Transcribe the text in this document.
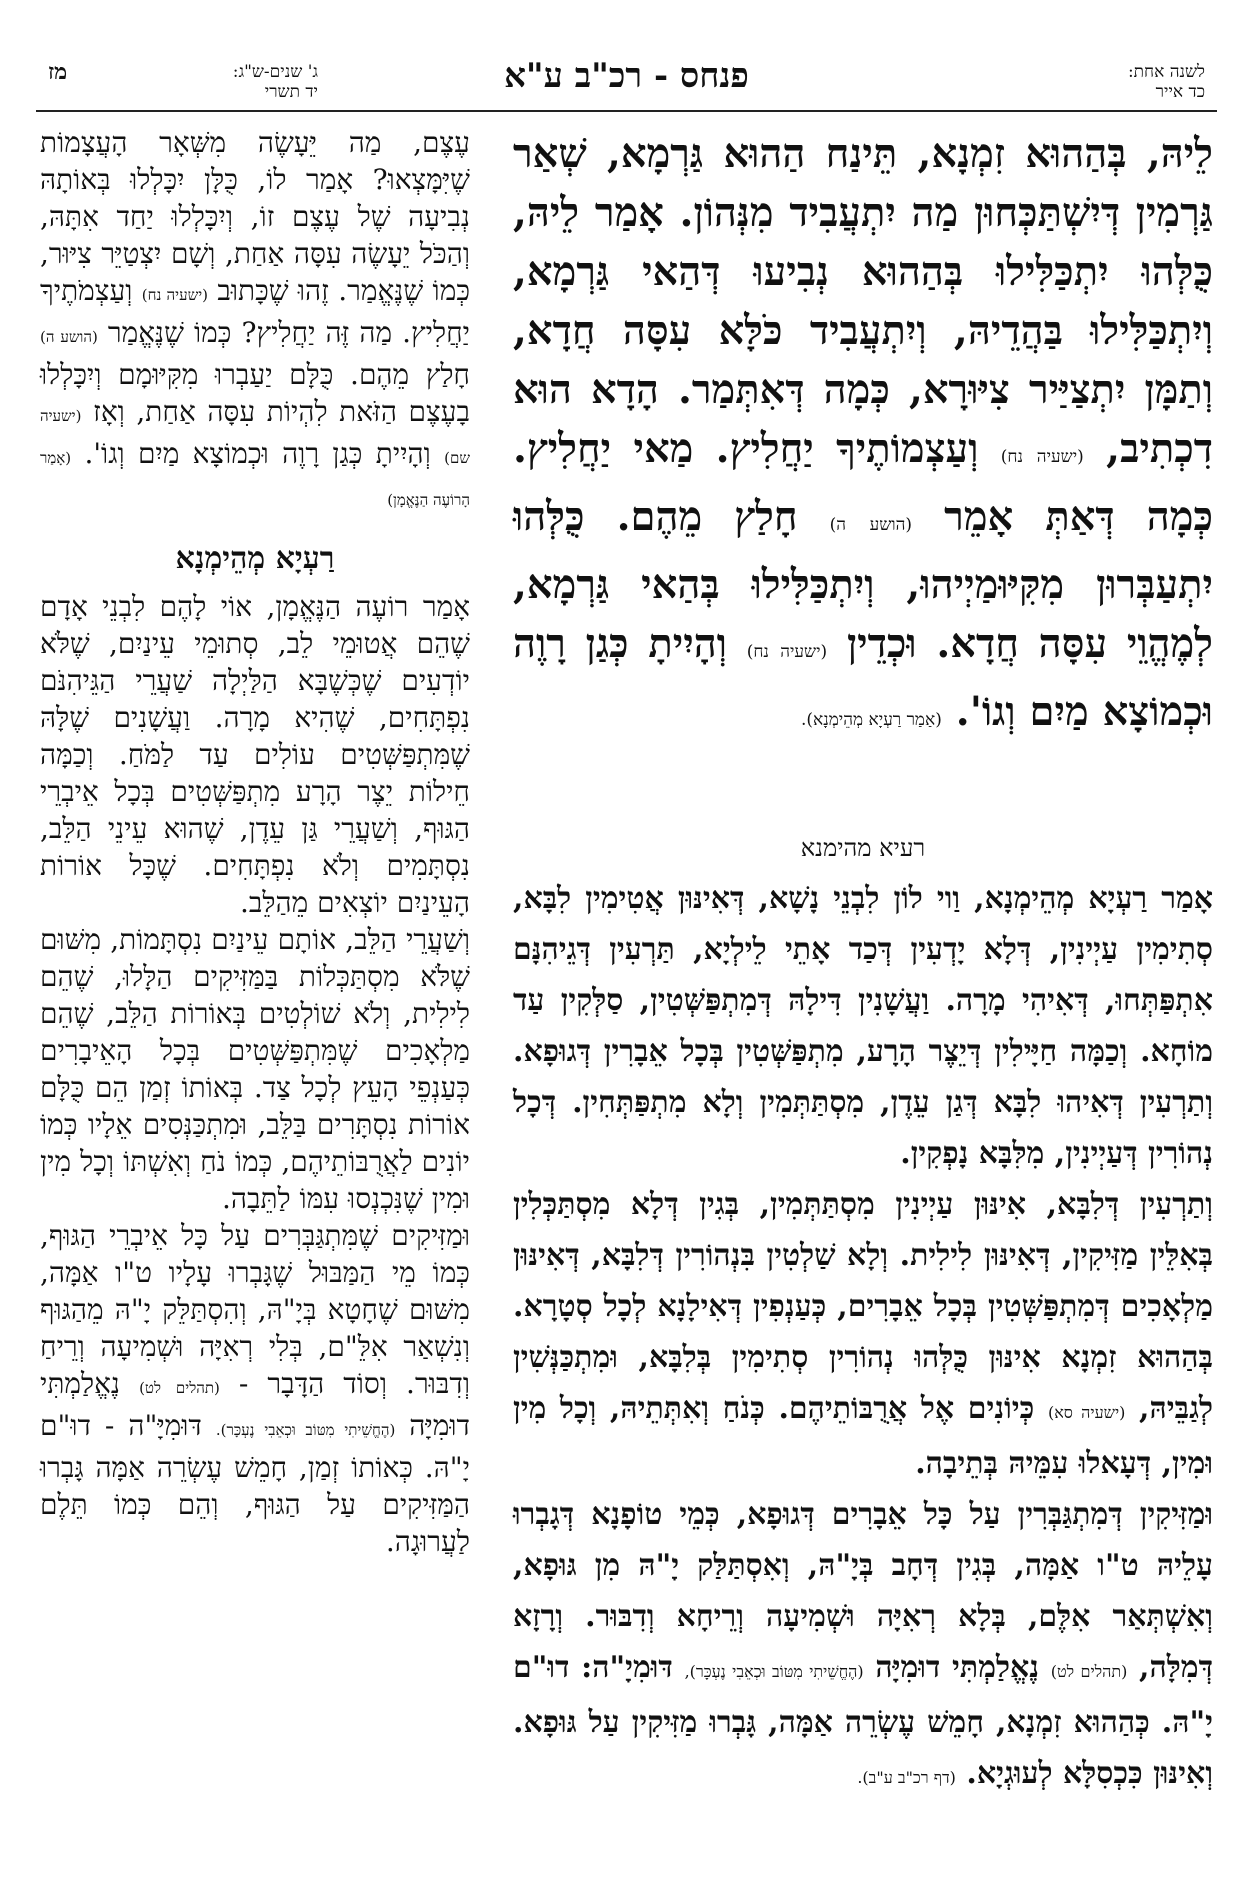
לשנה אחת:
כד אייר
פנחס - רכ"ב ע"א
ג' שנים-ש"ג:
יד תשרי
מז
לֵיהּ, בְּהַהוּא זִמְנָא, תֵּינַח הַהוּא גַּרְמָא, שְׁאַר גַּרְמִין דְּיִשְׁתַּכְּחוּן מַה יִתְעֲבִיד מִנְּהוֹן. אָמַר לֵיהּ, כֻּלְּהוּ יִתְכַּלִּילוּ בְּהַהוּא נְבִיעוּ דְּהַאי גַּרְמָא, וְיִתְכַּלִּילוּ בַּהֲדֵיהּ, וְיִתְעֲבִיד כֹּלָּא עִסָּה חֲדָא, וְתַמָּן יִתְצַיַּיר צִיּוּרָא, כְּמָה דְּאִתְּמַר. הָדָא הוּא דִכְתִיב, (ישעיה נח) וְעַצְמוֹתֶיךָ יַחֲלִיץ. מַאי יַחֲלִיץ. כְּמָה דְּאַתְּ אָמֵר (הושע ה) חָלַץ מֵהֶם. כֻּלְּהוּ יִתְעַבְּרוּן מִקִּיּוּמַיְיהוּ, וְיִתְכַּלִּילוּ בְּהַאי גַּרְמָא, לְמֶהֱוֵי עִסָּה חֲדָא. וּכְדֵין (ישעיה נח) וְהָיִיתָ כְּגַן רָוֶה וּכְמוֹצָא מַיִם וְגוֹ'. (אַמַר רַעְיָא מְהֵימְנָא).
רעיא מהימנא

אָמַר רַעְיָא מְהֵימְנָא, וַוי לוֹן לִבְנֵי נָשָׁא, דְּאִינּוּן אֲטִימִין לִבָּא, סְתִימִין עַיְינִין, דְּלָא יָדְעִין דְּכַד אָתֵי לֵילְיָא, תַּרְעִין דְּגֵיהִנָּם אִתְפַּתְּחוּ, דְּאִיהִי מָרָה. וַעֲשָׁנִין דִּילָהּ דְּמִתְפַּשְּׁטִין, סַלְּקִין עַד מוֹחָא. וְכַמָּה חַיָּילִין דְּיֵצֶר הָרָע, מִתְפַּשְּׁטִין בְּכָל אֵבָרִין דְּגוּפָא. וְתַרְעִין דְּאִיהוּ לִבָּא דְּגַן עֵדֶן, מִסְתַּתְּמִין וְלָא מִתְפַּתְּחִין. דְּכָל נְהוֹרִין דְּעַיְינִין, מִלִּבָּא נָפְקִין.

וְתַרְעִין דְּלִבָּא, אִינּוּן עַיְינִין מִסְתַּתְּמִין, בְּגִין דְּלָא מִסְתַּכְּלִין בְּאִלֵּין מַזִּיקִין, דְּאִינּוּן לִילִית. וְלָא שַׁלְטִין בִּנְהוֹרִין דְּלִבָּא, דְּאִינּוּן מַלְאָכִים דְּמִתְפַּשְּׁטִין בְּכָל אֵבָרִים, כְּעַנְפִין דְּאִילָנָא לְכָל סְטָרָא. בְּהַהוּא זִמְנָא אִינּוּן כֻּלְּהוּ נְהוֹרִין סְתִימִין בְּלִבָּא, וּמִתְכַּנְּשִׁין לְגַבֵּיהּ, (ישעיה סא) כְּיוֹנִים אֶל אֲרֻבּוֹתֵיהֶם. כְּנֹחַ וְאִתְּתֵיהּ, וְכָל מִין וּמִין, דְּעָאלוּ עִמֵּיהּ בְּתֵיבָה.

וּמַזִּיקִין דְּמִתְגַּבְּרִין עַל כָּל אֵבָרִים דְּגוּפָא, כְּמֵי טוֹפָנָא דְּגָבְרוּ עָלֵיהּ ט"ו אַמָּה, בְּגִין דְּחָב בְּיָ"הּ, וְאִסְתַּלַּק יָ"הּ מִן גּוּפָא, וְאִשְׁתְּאַר אִלֶּם, בְּלָא רְאִיָּה וּשְׁמִיעָה וְרֵיחָא וְדִבּוּר. וְרָזָא דְּמִלָּה, (תהלים לט) נֶאֱלַמְתִּי דוּמִיָּה (הֶחֱשֵׁיתִי מִטּוֹב וּכְאֵבִי נֶעְכָּר), דּוּמִיָ"ה: דוּ"ם יָ"הּ. כְּהַהוּא זִמְנָא, חָמֵשׁ עֶשְׂרֵה אַמָּה, גָּבְרוּ מַזִּיקִין עַל גּוּפָא. וְאִינּוּן כִּכְסִלָּא לְעוּגְיָא. (דף רכ"ב ע"ב).

עֶצֶם, מַה יֵּעָשֶׂה מִשְּׁאָר הָעֲצָמוֹת שֶׁיִּמָּצְאוּ? אָמַר לוֹ, כֻּלָּן יִכָּלְלוּ בְּאוֹתָהּ נְבִיעָה שֶׁל עֶצֶם זוֹ, וְיִכָּלְלוּ יַחַד אִתָּהּ, וְהַכֹּל יֵעָשֶׂה עִסָּה אַחַת, וְשָׁם יִצְטַיֵּר צִיּוּר, כְּמוֹ שֶׁנֶּאֱמַר. זֶהוּ שֶׁכָּתוּב (ישעיה נח) וְעַצְמֹתֶיךָ יַחֲלִיץ. מַה זֶּה יַחֲלִיץ? כְּמוֹ שֶׁנֶּאֱמַר (הושע ה) חָלַץ מֵהֶם. כֻּלָּם יַעַבְרוּ מִקִּיּוּמָם וְיִכָּלְלוּ בָעֶצֶם הַזֹּאת לִהְיוֹת עִסָּה אַחַת, וְאָז (ישעיה שם) וְהָיִיתָ כְּגַן רָוֶה וּכְמוֹצָא מַיִם וְגוֹ'. (אָמַר הָרוֹעֶה הַנֶּאֱמָן)

רַעְיָא מְהֵימְנָא

אָמַר רוֹעֶה הַנֶּאֱמָן, אוֹי לָהֶם לִבְנֵי אָדָם שֶׁהֵם אֲטוּמֵי לֵב, סְתוּמֵי עֵינַיִם, שֶׁלֹּא יוֹדְעִים שֶׁכְּשֶׁבָּא הַלַּיְלָה שַׁעֲרֵי הַגֵּיהִנֹּם נִפְתָּחִים, שֶׁהִיא מָרָה. וַעֲשָׁנִים שֶׁלָּהּ שֶׁמִּתְפַּשְּׁטִים עוֹלִים עַד לַמֹּחַ. וְכַמָּה חֵילוֹת יֵצֶר הָרָע מִתְפַּשְּׁטִים בְּכָל אֵיבְרֵי הַגּוּף, וְשַׁעֲרֵי גַּן עֵדֶן, שֶׁהוּא עֵינֵי הַלֵּב, נִסְתָּמִים וְלֹא נִפְתָּחִים. שֶׁכָּל אוֹרוֹת הָעֵינַיִם יוֹצְאִים מֵהַלֵּב.

וְשַׁעֲרֵי הַלֵּב, אוֹתָם עֵינַיִם נִסְתָּמוֹת, מִשּׁוּם שֶׁלֹּא מִסְתַּכְּלוֹת בַּמַּזִּיקִים הַלָּלוּ, שֶׁהֵם לִילִית, וְלֹא שׁוֹלְטִים בְּאוֹרוֹת הַלֵּב, שֶׁהֵם מַלְאָכִים שֶׁמִּתְפַּשְּׁטִים בְּכָל הָאֵיבָרִים כְּעַנְפֵי הָעֵץ לְכָל צַד. בְּאוֹתוֹ זְמַן הֵם כֻּלָּם אוֹרוֹת נִסְתָּרִים בַּלֵּב, וּמִתְכַּנְּסִים אֵלָיו כְּמוֹ יוֹנִים לַאֲרֻבּוֹתֵיהֶם, כְּמוֹ נֹחַ וְאִשְׁתּוֹ וְכָל מִין וּמִין שֶׁנִּכְנְסוּ עִמּוֹ לַתֵּבָה.

וּמַזִּיקִים שֶׁמִּתְגַּבְּרִים עַל כָּל אֵיבְרֵי הַגּוּף, כְּמוֹ מֵי הַמַּבּוּל שֶׁגָּבְרוּ עָלָיו ט"ו אַמָּה, מִשּׁוּם שֶׁחָטָא בְּיָ"הּ, וְהִסְתַּלֵּק יָ"הּ מֵהַגּוּף וְנִשְׁאַר אִלֵּ"ם, בְּלִי רְאִיָּה וּשְׁמִיעָה וְרֵיחַ וְדִבּוּר. וְסוֹד הַדָּבָר - (תהלים לט) נֶאֱלַמְתִּי דוּמִיָּה (הֶחֱשֵׁיתִי מִטּוֹב וּכְאֵבִי נֶעְכָּר). דּוּמִיָּ"ה - דוּ"ם יָ"הּ. כְּאוֹתוֹ זְמַן, חָמֵשׁ עֶשְׂרֵה אַמָּה גָּבְרוּ הַמַּזִּיקִים עַל הַגּוּף, וְהֵם כְּמוֹ תֵּלֶם לַעֲרוּגָה.
